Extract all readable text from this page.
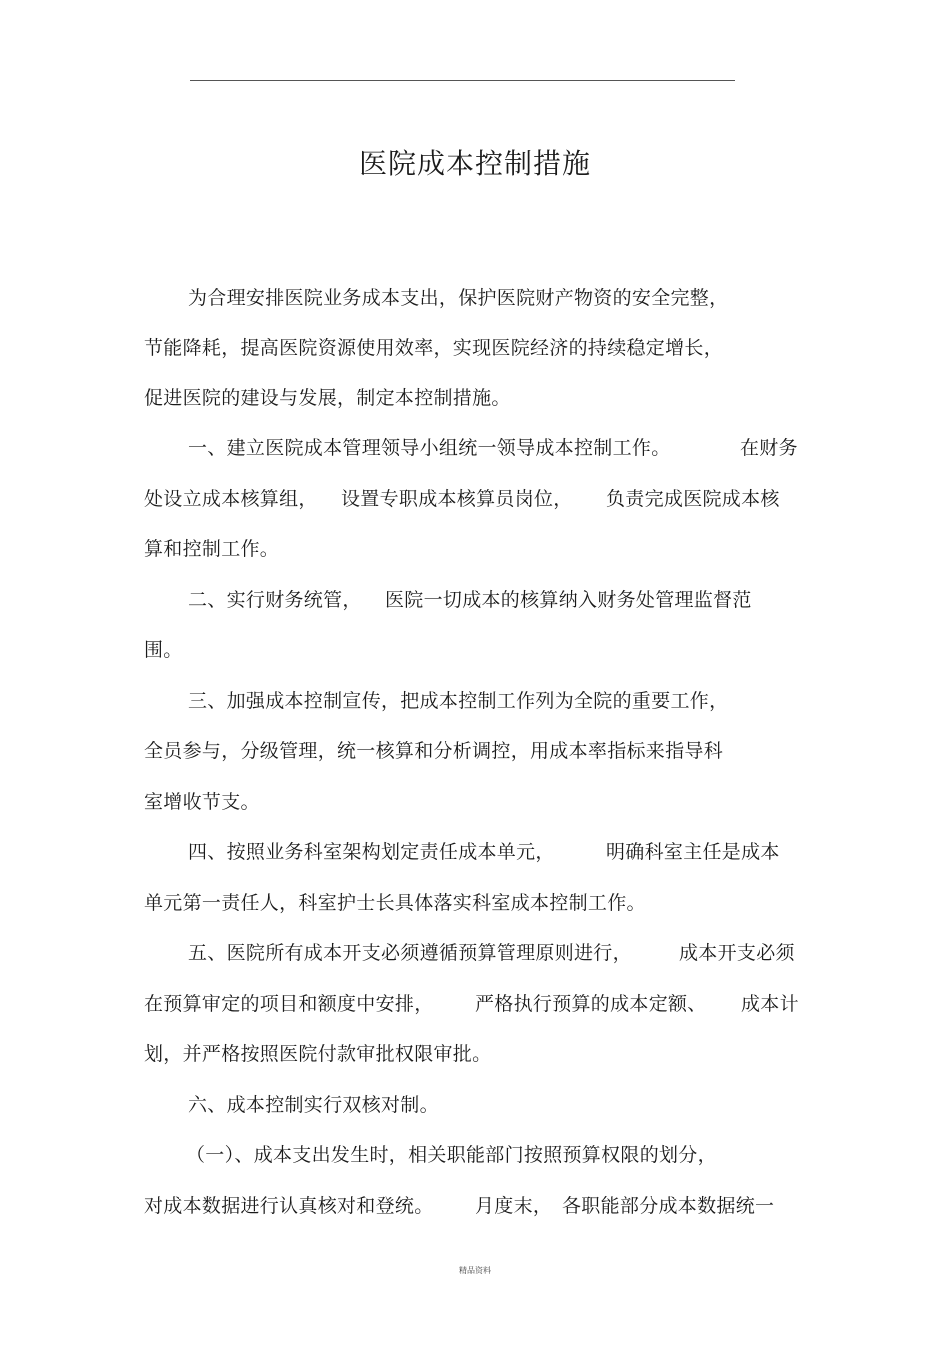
医院成本控制措施
为合理安排医院业务成本支出，保护医院财产物资的安全完整，
节能降耗，提高医院资源使用效率，实现医院经济的持续稳定增长，
促进医院的建设与发展，制定本控制措施。
一、建立医院成本管理领导小组统一领导成本控制工作。	在财务
处设立成本核算组， 设置专职成本核算员岗位， 负责完成医院成本核
算和控制工作。
二、实行财务统管， 医院一切成本的核算纳入财务处管理监督范
围。
三、加强成本控制宣传，把成本控制工作列为全院的重要工作，
全员参与，分级管理，统一核算和分析调控，用成本率指标来指导科
室增收节支。
四、按照业务科室架构划定责任成本单元，	明确科室主任是成本
单元第一责任人，科室护士长具体落实科室成本控制工作。
五、医院所有成本开支必须遵循预算管理原则进行， 成本开支必须
在预算审定的项目和额度中安排， 严格执行预算的成本定额、 成本计
划，并严格按照医院付款审批权限审批。
六、成本控制实行双核对制。
（一）、成本支出发生时，相关职能部门按照预算权限的划分，
对成本数据进行认真核对和登统。 月度末， 各职能部分成本数据统一
精品资料
